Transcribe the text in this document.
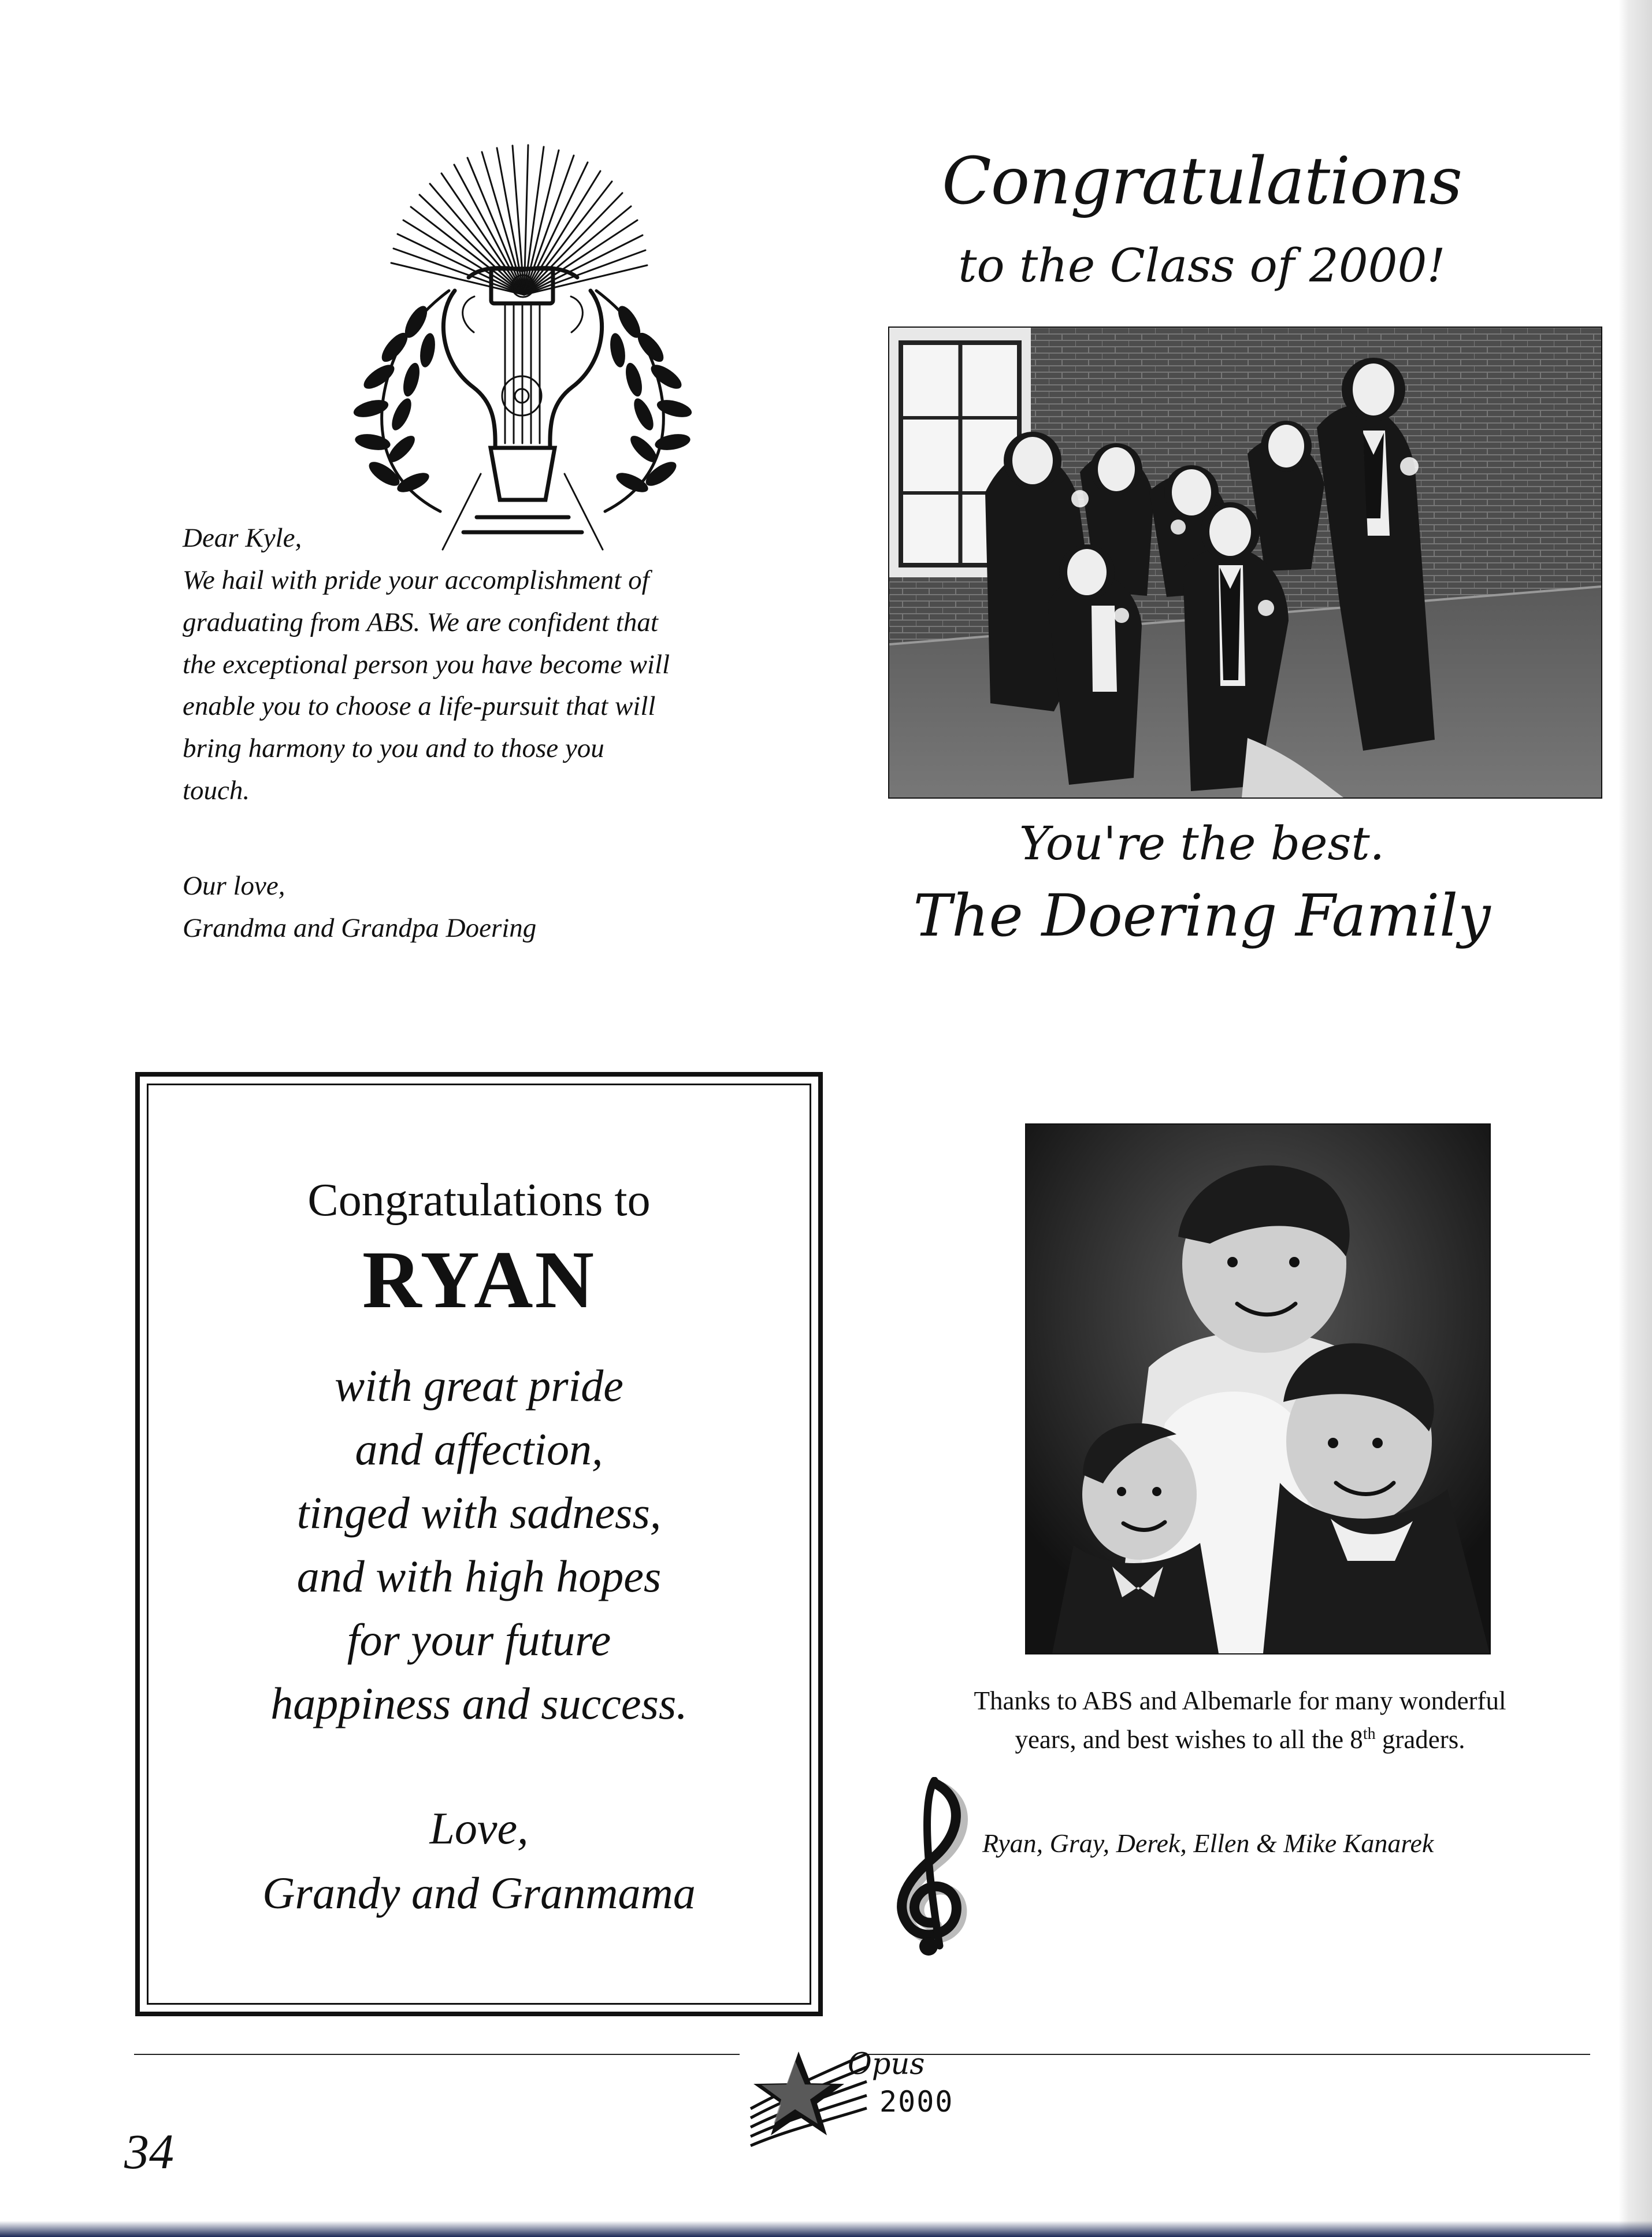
Dear Kyle,
We hail with pride your accomplishment of
graduating from ABS. We are confident that
the exceptional person you have become will
enable you to choose a life-pursuit that will
bring harmony to you and to those you
touch.
Our love,
Grandma and Grandpa Doering
Congratulations
to the Class of 2000!
You're the best.
The Doering Family
Congratulations to
RYAN
with great pride
and affection,
tinged with sadness,
and with high hopes
for your future
happiness and success.
Love,
Grandy and Granmama
Thanks to ABS and Albemarle for many wonderful
years, and best wishes to all the 8th graders.
Ryan, Gray, Derek, Ellen & Mike Kanarek
Opus
2000
34
